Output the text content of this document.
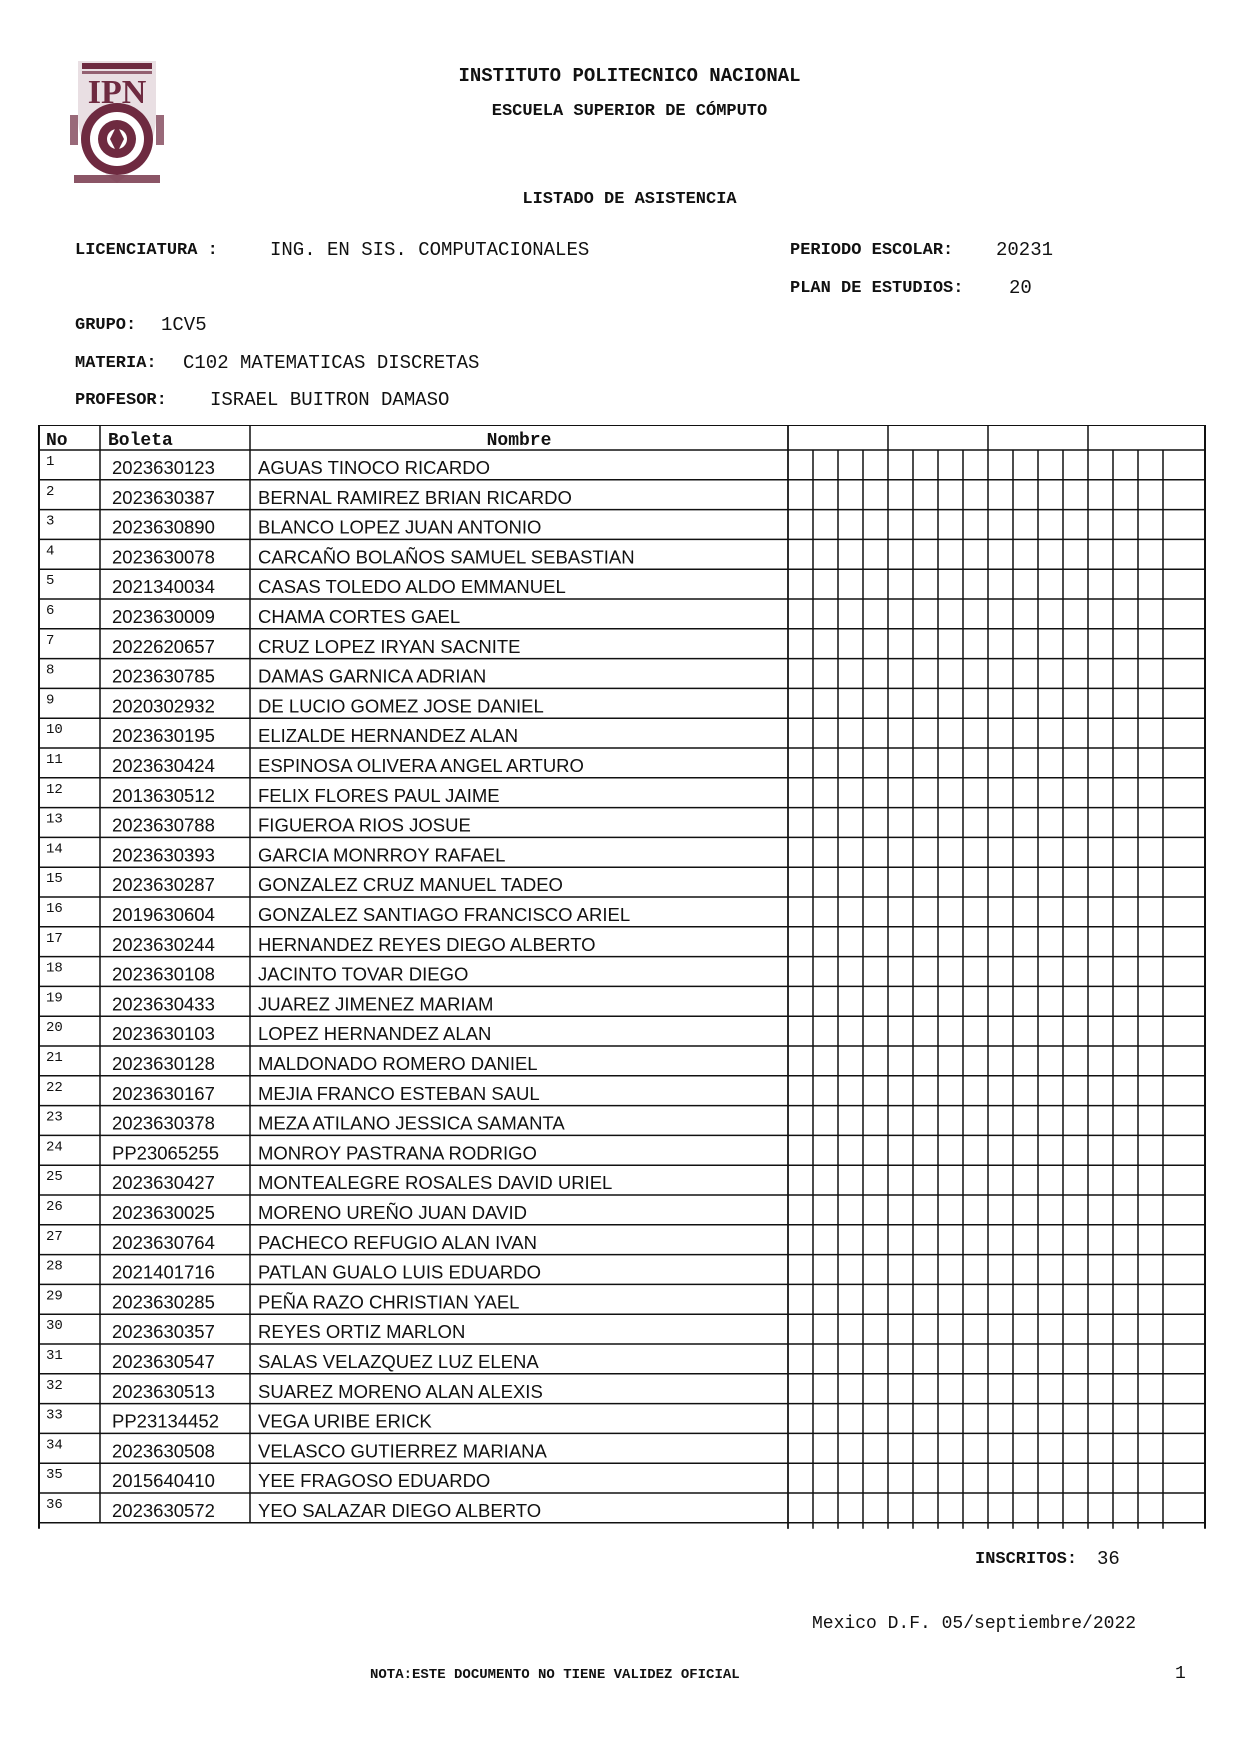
IPN	INSTITUTO POLITECNICO NACIONAL
ESCUELA SUPERIOR DE CÓMPUTO
LISTADO DE ASISTENCIA
LICENCIATURA :	ING. EN SIS. COMPUTACIONALES	PERIODO ESCOLAR: 20231
PLAN DE ESTUDIOS: 20
GRUPO: 1CV5
MATERIA: C102 MATEMATICAS DISCRETAS
PROFESOR: ISRAEL BUITRON DAMASO
No Boleta	Nombre
1	2023630123 AGUAS TINOCO RICARDO
2	2023630387 BERNAL RAMIREZ BRIAN RICARDO
3	2023630890 BLANCO LOPEZ JUAN ANTONIO
4	2023630078 CARCAÑO BOLAÑOS SAMUEL SEBASTIAN
5	2021340034 CASAS TOLEDO ALDO EMMANUEL
6	2023630009 CHAMA CORTES GAEL
7	2022620657 CRUZ LOPEZ IRYAN SACNITE
8	2023630785 DAMAS GARNICA ADRIAN
9	2020302932 DE LUCIO GOMEZ JOSE DANIEL
10	2023630195 ELIZALDE HERNANDEZ ALAN
11	2023630424 ESPINOSA OLIVERA ANGEL ARTURO
12	2013630512 FELIX FLORES PAUL JAIME
13	2023630788 FIGUEROA RIOS JOSUE
14	2023630393 GARCIA MONRROY RAFAEL
15	2023630287 GONZALEZ CRUZ MANUEL TADEO
16	2019630604 GONZALEZ SANTIAGO FRANCISCO ARIEL
17	2023630244 HERNANDEZ REYES DIEGO ALBERTO
18	2023630108 JACINTO TOVAR DIEGO
19	2023630433 JUAREZ JIMENEZ MARIAM
20	2023630103 LOPEZ HERNANDEZ ALAN
21	2023630128 MALDONADO ROMERO DANIEL
22	2023630167 MEJIA FRANCO ESTEBAN SAUL
23	2023630378 MEZA ATILANO JESSICA SAMANTA
24	PP23065255 MONROY PASTRANA RODRIGO
25	2023630427 MONTEALEGRE ROSALES DAVID URIEL
26	2023630025 MORENO UREÑO JUAN DAVID
27	2023630764 PACHECO REFUGIO ALAN IVAN
28	2021401716 PATLAN GUALO LUIS EDUARDO
29	2023630285 PEÑA RAZO CHRISTIAN YAEL
30	2023630357 REYES ORTIZ MARLON
31	2023630547 SALAS VELAZQUEZ LUZ ELENA
32	2023630513 SUAREZ MORENO ALAN ALEXIS
33	PP23134452 VEGA URIBE ERICK
34	2023630508 VELASCO GUTIERREZ MARIANA
35	2015640410 YEE FRAGOSO EDUARDO
36	2023630572 YEO SALAZAR DIEGO ALBERTO
INSCRITOS: 36
Mexico D.F. 05/septiembre/2022
NOTA:ESTE DOCUMENTO NO TIENE VALIDEZ OFICIAL	1
